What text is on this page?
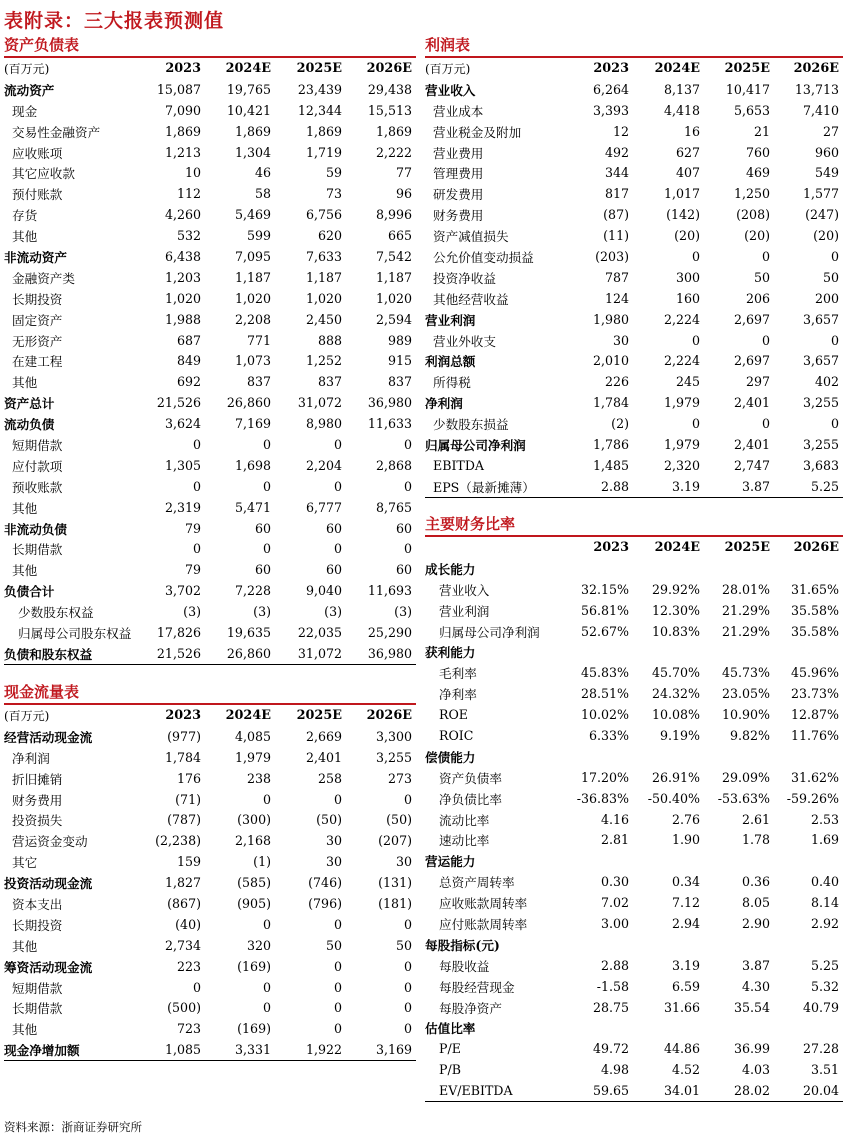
表附录：三大报表预测值
资产负债表
(百万元)	2023	2024E	2025E	2026E
流动资产	15,087	19,765	23,439	29,438
现金	7,090	10,421	12,344	15,513
交易性金融资产	1,869	1,869	1,869	1,869
应收账项	1,213	1,304	1,719	2,222
其它应收款	10	46	59	77
预付账款	112	58	73	96
存货	4,260	5,469	6,756	8,996
其他	532	599	620	665
非流动资产	6,438	7,095	7,633	7,542
金融资产类	1,203	1,187	1,187	1,187
长期投资	1,020	1,020	1,020	1,020
固定资产	1,988	2,208	2,450	2,594
无形资产	687	771	888	989
在建工程	849	1,073	1,252	915
其他	692	837	837	837
资产总计	21,526	26,860	31,072	36,980
流动负债	3,624	7,169	8,980	11,633
短期借款	0	0	0	0
应付款项	1,305	1,698	2,204	2,868
预收账款	0	0	0	0
其他	2,319	5,471	6,777	8,765
非流动负债	79	60	60	60
长期借款	0	0	0	0
其他	79	60	60	60
负债合计	3,702	7,228	9,040	11,693
少数股东权益	(3)	(3)	(3)	(3)
归属母公司股东权益	17,826	19,635	22,035	25,290
负债和股东权益	21,526	26,860	31,072	36,980
现金流量表
(百万元)	2023	2024E	2025E	2026E
经营活动现金流	(977)	4,085	2,669	3,300
净利润	1,784	1,979	2,401	3,255
折旧摊销	176	238	258	273
财务费用	(71)	0	0	0
投资损失	(787)	(300)	(50)	(50)
营运资金变动	(2,238)	2,168	30	(207)
其它	159	(1)	30	30
投资活动现金流	1,827	(585)	(746)	(131)
资本支出	(867)	(905)	(796)	(181)
长期投资	(40)	0	0	0
其他	2,734	320	50	50
筹资活动现金流	223	(169)	0	0
短期借款	0	0	0	0
长期借款	(500)	0	0	0
其他	723	(169)	0	0
现金净增加额	1,085	3,331	1,922	3,169
利润表
(百万元)	2023	2024E	2025E	2026E
营业收入	6,264	8,137	10,417	13,713
营业成本	3,393	4,418	5,653	7,410
营业税金及附加	12	16	21	27
营业费用	492	627	760	960
管理费用	344	407	469	549
研发费用	817	1,017	1,250	1,577
财务费用	(87)	(142)	(208)	(247)
资产减值损失	(11)	(20)	(20)	(20)
公允价值变动损益	(203)	0	0	0
投资净收益	787	300	50	50
其他经营收益	124	160	206	200
营业利润	1,980	2,224	2,697	3,657
营业外收支	30	0	0	0
利润总额	2,010	2,224	2,697	3,657
所得税	226	245	297	402
净利润	1,784	1,979	2,401	3,255
少数股东损益	(2)	0	0	0
归属母公司净利润	1,786	1,979	2,401	3,255
EBITDA	1,485	2,320	2,747	3,683
EPS（最新摊薄）	2.88	3.19	3.87	5.25
主要财务比率
	2023	2024E	2025E	2026E
成长能力				
营业收入	32.15%	29.92%	28.01%	31.65%
营业利润	56.81%	12.30%	21.29%	35.58%
归属母公司净利润	52.67%	10.83%	21.29%	35.58%
获利能力				
毛利率	45.83%	45.70%	45.73%	45.96%
净利率	28.51%	24.32%	23.05%	23.73%
ROE	10.02%	10.08%	10.90%	12.87%
ROIC	6.33%	9.19%	9.82%	11.76%
偿债能力				
资产负债率	17.20%	26.91%	29.09%	31.62%
净负债比率	-36.83%	-50.40%	-53.63%	-59.26%
流动比率	4.16	2.76	2.61	2.53
速动比率	2.81	1.90	1.78	1.69
营运能力				
总资产周转率	0.30	0.34	0.36	0.40
应收账款周转率	7.02	7.12	8.05	8.14
应付账款周转率	3.00	2.94	2.90	2.92
每股指标(元)				
每股收益	2.88	3.19	3.87	5.25
每股经营现金	-1.58	6.59	4.30	5.32
每股净资产	28.75	31.66	35.54	40.79
估值比率				
P/E	49.72	44.86	36.99	27.28
P/B	4.98	4.52	4.03	3.51
EV/EBITDA	59.65	34.01	28.02	20.04
资料来源：浙商证券研究所
